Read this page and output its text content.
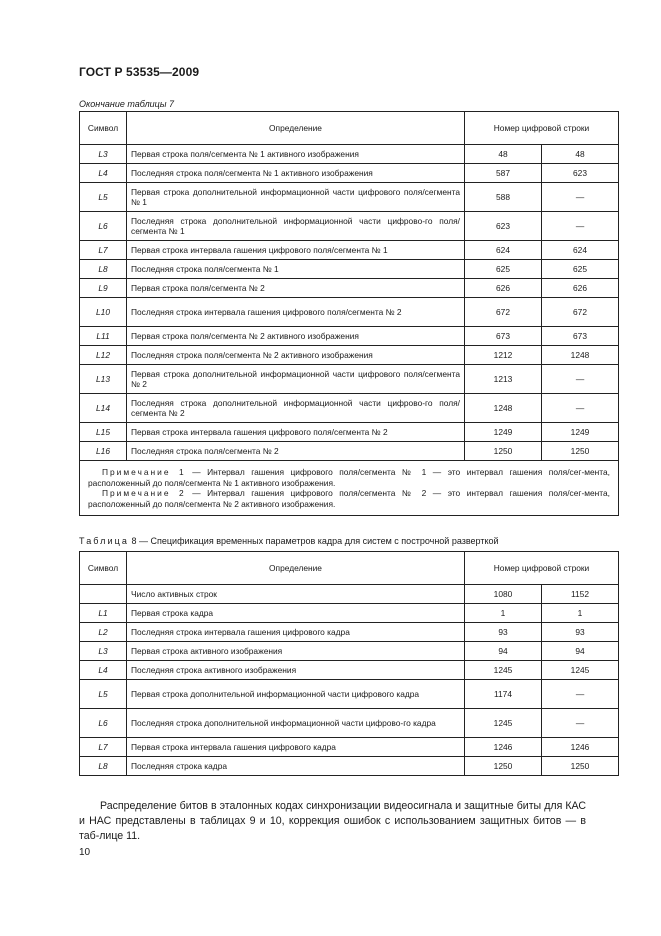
ГОСТ Р 53535—2009
Окончание таблицы 7
Символ	Определение	Номер цифровой строки	
L3	Первая строка поля/сегмента № 1 активного изображения	48	48
L4	Последняя строка поля/сегмента № 1 активного изображения	587	623
L5	Первая строка дополнительной информационной части цифрового поля/сегмента № 1	588	—
L6	Последняя строка дополнительной информационной части цифрово-го поля/сегмента № 1	623	—
L7	Первая строка интервала гашения цифрового поля/сегмента № 1	624	624
L8	Последняя строка поля/сегмента № 1	625	625
L9	Первая строка поля/сегмента № 2	626	626
L10	Последняя строка интервала гашения цифрового поля/сегмента № 2	672	672
L11	Первая строка поля/сегмента № 2 активного изображения	673	673
L12	Последняя строка поля/сегмента № 2 активного изображения	1212	1248
L13	Первая строка дополнительной информационной части цифрового поля/сегмента № 2	1213	—
L14	Последняя строка дополнительной информационной части цифрово-го поля/сегмента № 2	1248	—
L15	Первая строка интервала гашения цифрового поля/сегмента № 2	1249	1249
L16	Последняя строка поля/сегмента № 2	1250	1250

Примечание 1 — Интервал гашения цифрового поля/сегмента № 1 — это интервал гашения поля/сег-мента, расположенный до поля/сегмента № 1 активного изображения.
Примечание 2 — Интервал гашения цифрового поля/сегмента № 2 — это интервал гашения поля/сег-мента, расположенный до поля/сегмента № 2 активного изображения.			
Таблица 8 — Спецификация временных параметров кадра для систем с построчной разверткой
Символ	Определение	Номер цифровой строки	
	Число активных строк	1080	1152
L1	Первая строка кадра	1	1
L2	Последняя строка интервала гашения цифрового кадра	93	93
L3	Первая строка активного изображения	94	94
L4	Последняя строка активного изображения	1245	1245
L5	Первая строка дополнительной информационной части цифрового кадра	1174	—
L6	Последняя строка дополнительной информационной части цифрово-го кадра	1245	—
L7	Первая строка интервала гашения цифрового кадра	1246	1246
L8	Последняя строка кадра	1250	1250
Распределение битов в эталонных кодах синхронизации видеосигнала и защитные биты для КАС и НАС представлены в таблицах 9 и 10, коррекция ошибок с использованием защитных битов — в таб-лице 11.
10
